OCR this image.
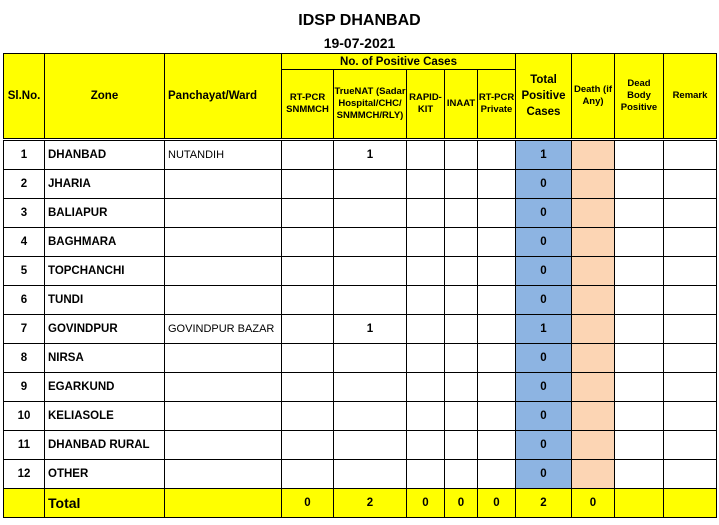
IDSP DHANBAD
19-07-2021
Sl.No.	Zone	Panchayat/Ward	No. of Positive Cases					Total Positive Cases	Death (if Any)	Dead Body Positive	Remark
			RT-PCR SNMMCH	TrueNAT (Sadar Hospital/CHC/ SNMMCH/RLY)	RAPID-KIT	INAAT	RT-PCR Private				
1	DHANBAD	NUTANDIH		1				1			
2	JHARIA							0			
3	BALIAPUR							0			
4	BAGHMARA							0			
5	TOPCHANCHI							0			
6	TUNDI							0			
7	GOVINDPUR	GOVINDPUR BAZAR		1				1			
8	NIRSA							0			
9	EGARKUND							0			
10	KELIASOLE							0			
11	DHANBAD RURAL							0			
12	OTHER							0			
	Total		0	2	0	0	0	2	0		
